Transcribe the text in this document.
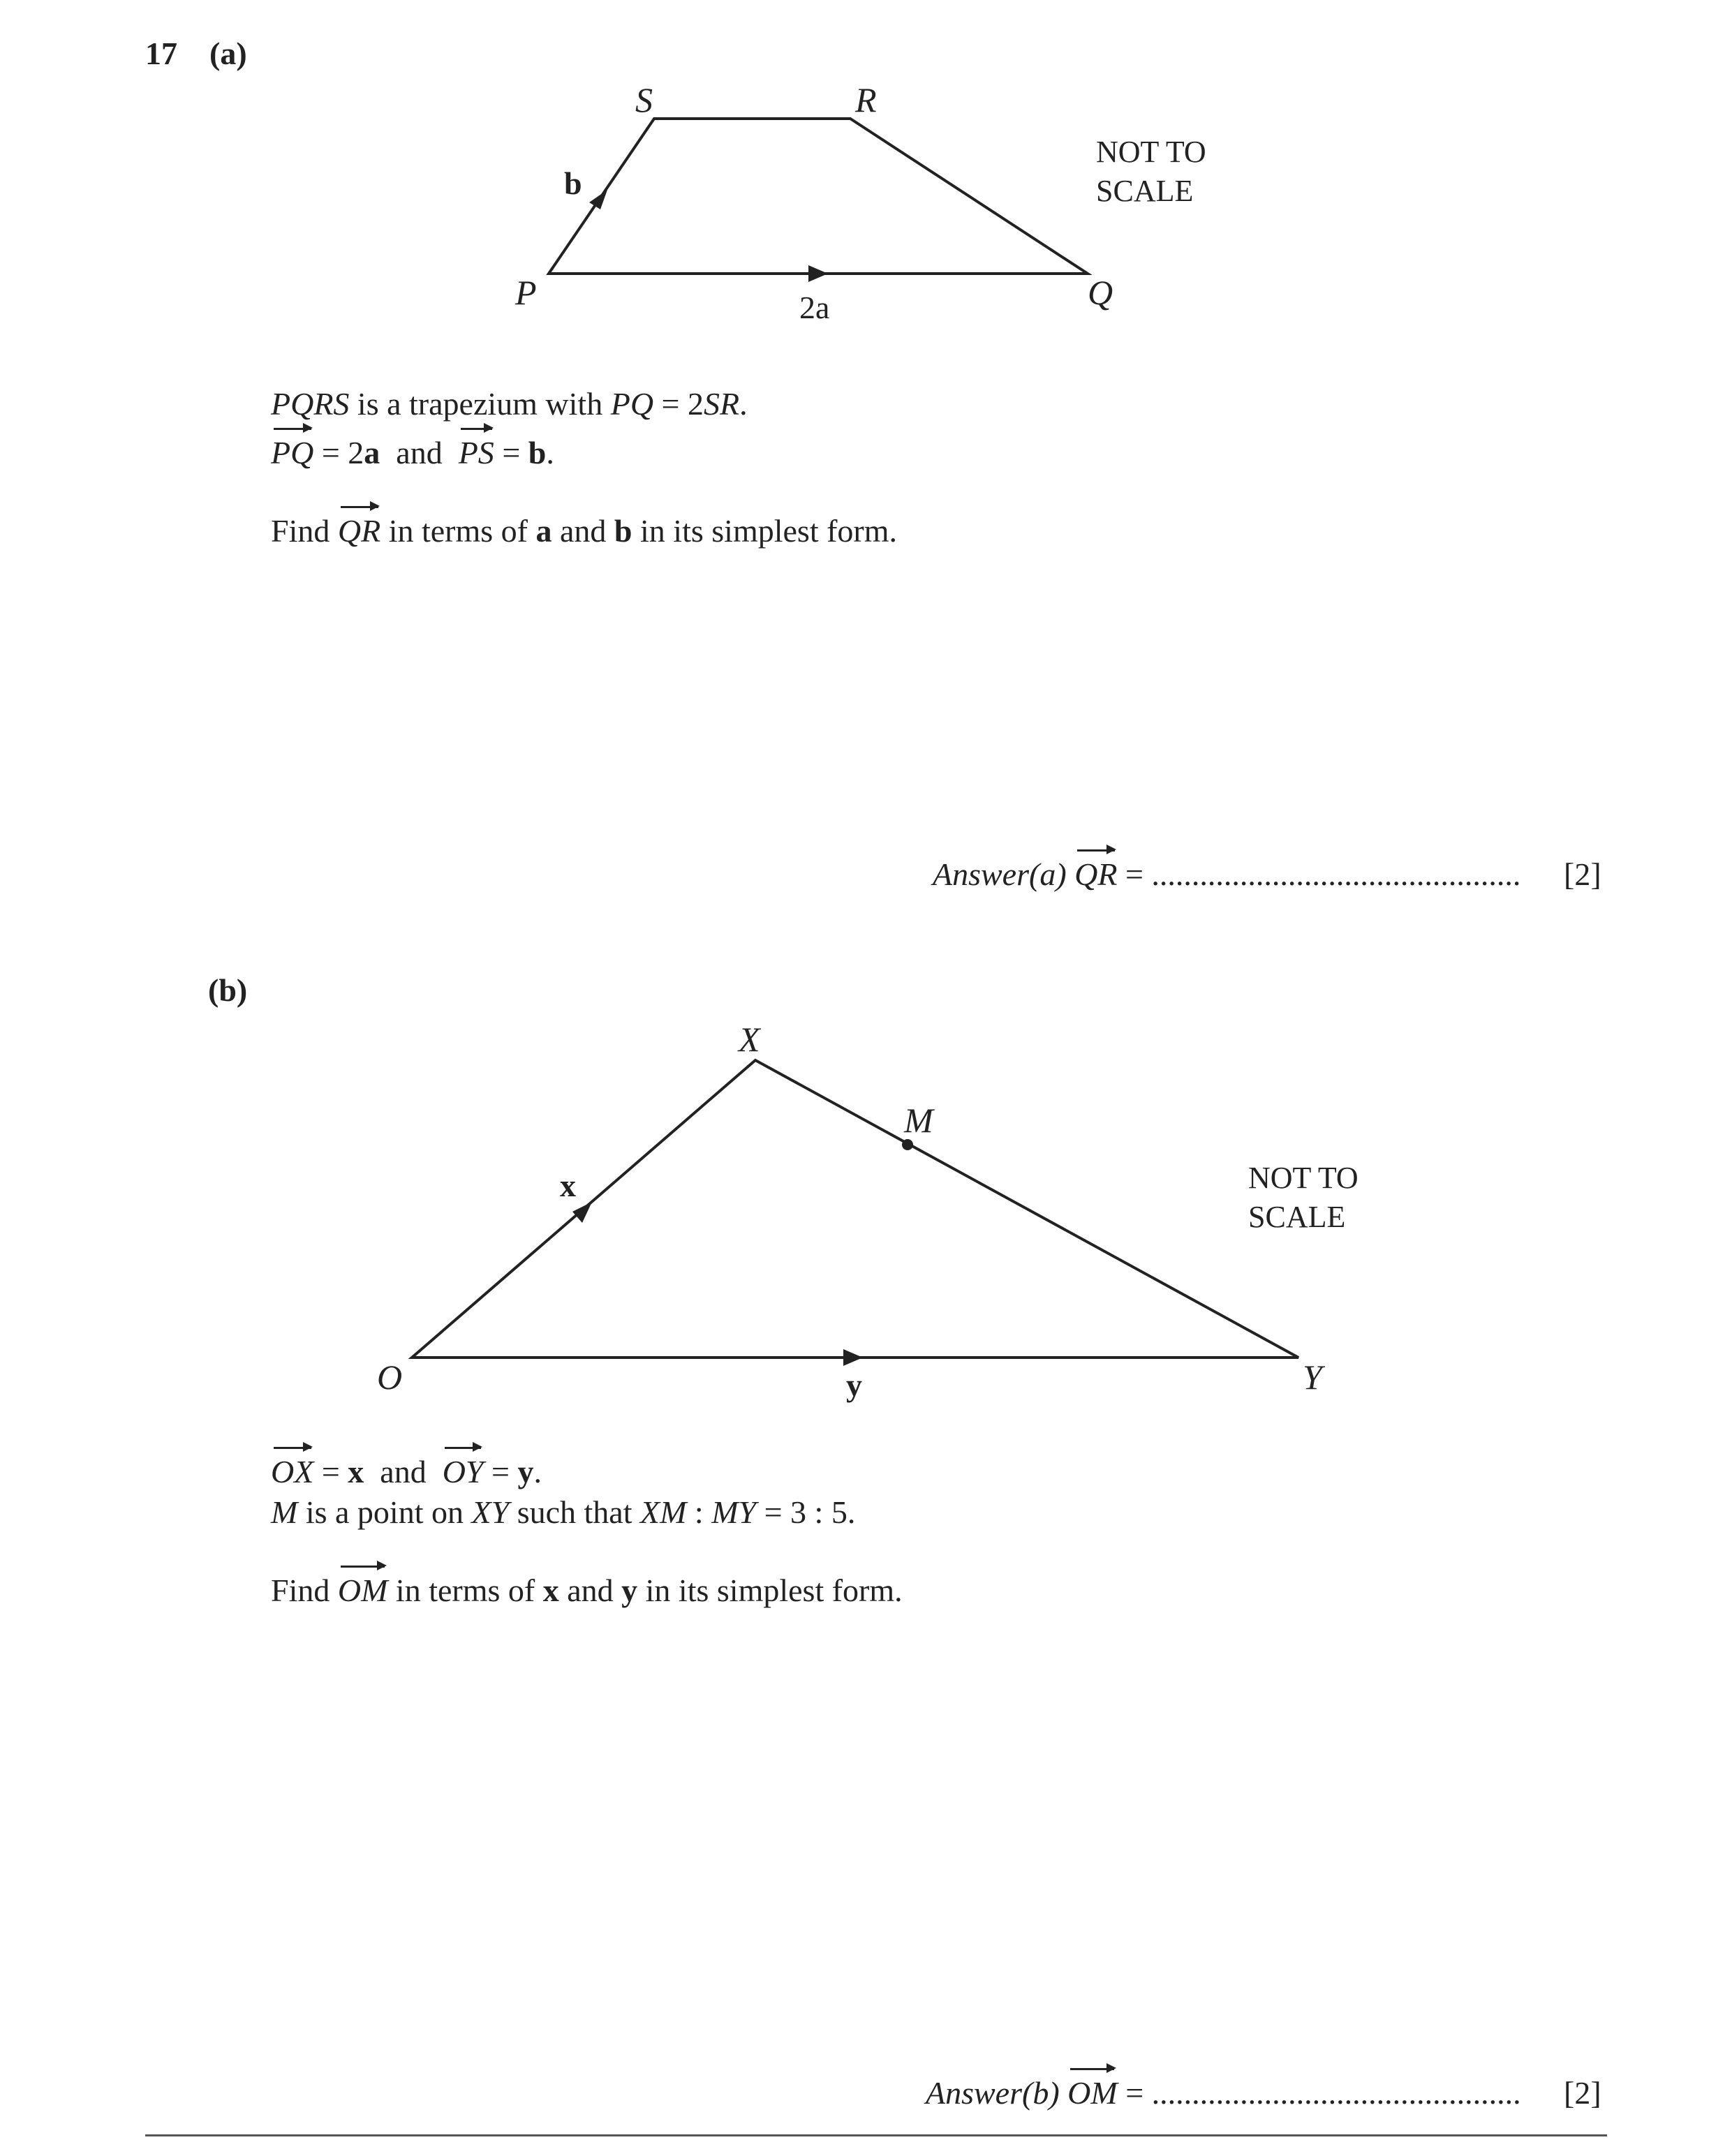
17 (a)
S	R
P	Q
b
2a
NOT TO
SCALE
X
M
O	Y
x
y
NOT TO
SCALE
PQRS is a trapezium with PQ = 2SR.
PQ = 2a  and  PS = b.
Find QR in terms of a and b in its simplest form.
Answer(a) QR = .............................................. [2]
(b)
OX = x  and  OY = y.
M is a point on XY such that XM : MY = 3 : 5.
Find OM in terms of x and y in its simplest form.
Answer(b) OM = .............................................. [2]
